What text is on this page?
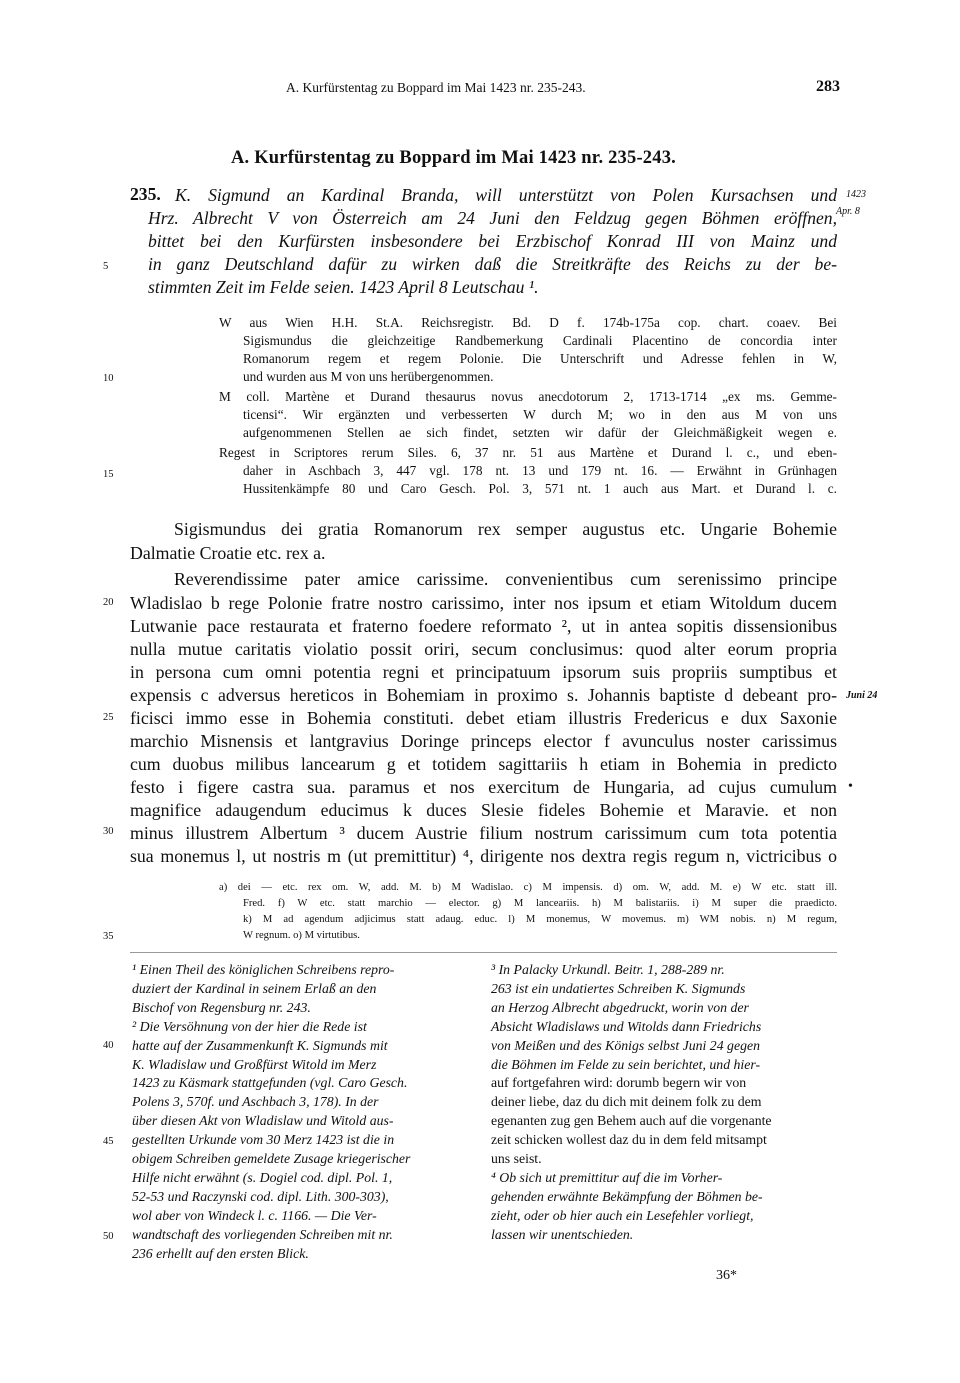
A. Kurfürstentag zu Boppard im Mai 1423 nr. 235-243.	283
A. Kurfürstentag zu Boppard im Mai 1423 nr. 235-243.
235. K. Sigmund an Kardinal Branda, will unterstützt von Polen Kursachsen und
Hrz. Albrecht V von Österreich am 24 Juni den Feldzug gegen Böhmen eröffnen,
bittet bei den Kurfürsten insbesondere bei Erzbischof Konrad III von Mainz und
in ganz Deutschland dafür zu wirken daß die Streitkräfte des Reichs zu der be-
stimmten Zeit im Felde seien. 1423 April 8 Leutschau ¹.
1423
Apr. 8
W aus Wien H.H. St.A. Reichsregistr. Bd. D f. 174b-175a cop. chart. coaev. Bei
Sigismundus die gleichzeitige Randbemerkung Cardinali Placentino de concordia inter
Romanorum regem et regem Polonie. Die Unterschrift und Adresse fehlen in W,
und wurden aus M von uns herübergenommen.
M coll. Martène et Durand thesaurus novus anecdotorum 2, 1713-1714 „ex ms. Gemme-
ticensi“. Wir ergänzten und verbesserten W durch M; wo in den aus M von uns
aufgenommenen Stellen ae sich findet, setzten wir dafür der Gleichmäßigkeit wegen e.
Regest in Scriptores rerum Siles. 6, 37 nr. 51 aus Martène et Durand l. c., und eben-
daher in Aschbach 3, 447 vgl. 178 nt. 13 und 179 nt. 16. — Erwähnt in Grünhagen
Hussitenkämpfe 80 und Caro Gesch. Pol. 3, 571 nt. 1 auch aus Mart. et Durand l. c.
Sigismundus dei gratia Romanorum rex semper augustus etc. Ungarie Bohemie
Dalmatie Croatie etc. rex a.
Reverendissime pater amice carissime. convenientibus cum serenissimo principe
Wladislao b rege Polonie fratre nostro carissimo, inter nos ipsum et etiam Witoldum ducem
Lutwanie pace restaurata et fraterno foedere reformato ², ut in antea sopitis dissensionibus
nulla mutue caritatis violatio possit oriri, secum conclusimus: quod alter eorum propria
in persona cum omni potentia regni et principatuum ipsorum suis propriis sumptibus et
expensis c adversus hereticos in Bohemiam in proximo s. Johannis baptiste d debeant pro-
ficisci immo esse in Bohemia constituti. debet etiam illustris Fredericus e dux Saxonie
marchio Misnensis et lantgravius Doringe princeps elector f avunculus noster carissimus
cum duobus milibus lancearum g et totidem sagittariis h etiam in Bohemia in predicto
festo i figere castra sua. paramus et nos exercitum de Hungaria, ad cujus cumulum
magnifice adaugendum educimus k duces Slesie fideles Bohemie et Maravie. et non
minus illustrem Albertum ³ ducem Austrie filium nostrum carissimum cum tota potentia
sua monemus l, ut nostris m (ut premittitur) ⁴, dirigente nos dextra regis regum n, victricibus o
Juni 24
•
a) dei — etc. rex om. W, add. M. b) M Wadislao. c) M impensis. d) om. W, add. M. e) W etc. statt ill.
Fred. f) W etc. statt marchio — elector. g) M lanceariis. h) M balistariis. i) M super die praedicto.
k) M ad agendum adjicimus statt adaug. educ. l) M monemus, W movemus. m) WM nobis. n) M regum,
W regnum. o) M virtutibus.
¹ Einen Theil des königlichen Schreibens repro-
duziert der Kardinal in seinem Erlaß an den
Bischof von Regensburg nr. 243.
² Die Versöhnung von der hier die Rede ist
hatte auf der Zusammenkunft K. Sigmunds mit
K. Wladislaw und Großfürst Witold im Merz
1423 zu Käsmark stattgefunden (vgl. Caro Gesch.
Polens 3, 570f. und Aschbach 3, 178). In der
über diesen Akt von Wladislaw und Witold aus-
gestellten Urkunde vom 30 Merz 1423 ist die in
obigem Schreiben gemeldete Zusage kriegerischer
Hilfe nicht erwähnt (s. Dogiel cod. dipl. Pol. 1,
52-53 und Raczynski cod. dipl. Lith. 300-303),
wol aber von Windeck l. c. 1166. — Die Ver-
wandtschaft des vorliegenden Schreiben mit nr.
236 erhellt auf den ersten Blick.
³ In Palacky Urkundl. Beitr. 1, 288-289 nr.
263 ist ein undatiertes Schreiben K. Sigmunds
an Herzog Albrecht abgedruckt, worin von der
Absicht Wladislaws und Witolds dann Friedrichs
von Meißen und des Königs selbst Juni 24 gegen
die Böhmen im Felde zu sein berichtet, und hier-
auf fortgefahren wird: dorumb begern wir von
deiner liebe, daz du dich mit deinem folk zu dem
egenanten zug gen Behem auch auf die vorgenante
zeit schicken wollest daz du in dem feld mitsampt
uns seist.
⁴ Ob sich ut premittitur auf die im Vorher-
gehenden erwähnte Bekämpfung der Böhmen be-
zieht, oder ob hier auch ein Lesefehler vorliegt,
lassen wir unentschieden.
5
10
15
20
25
30
35
40
45
50
36*
